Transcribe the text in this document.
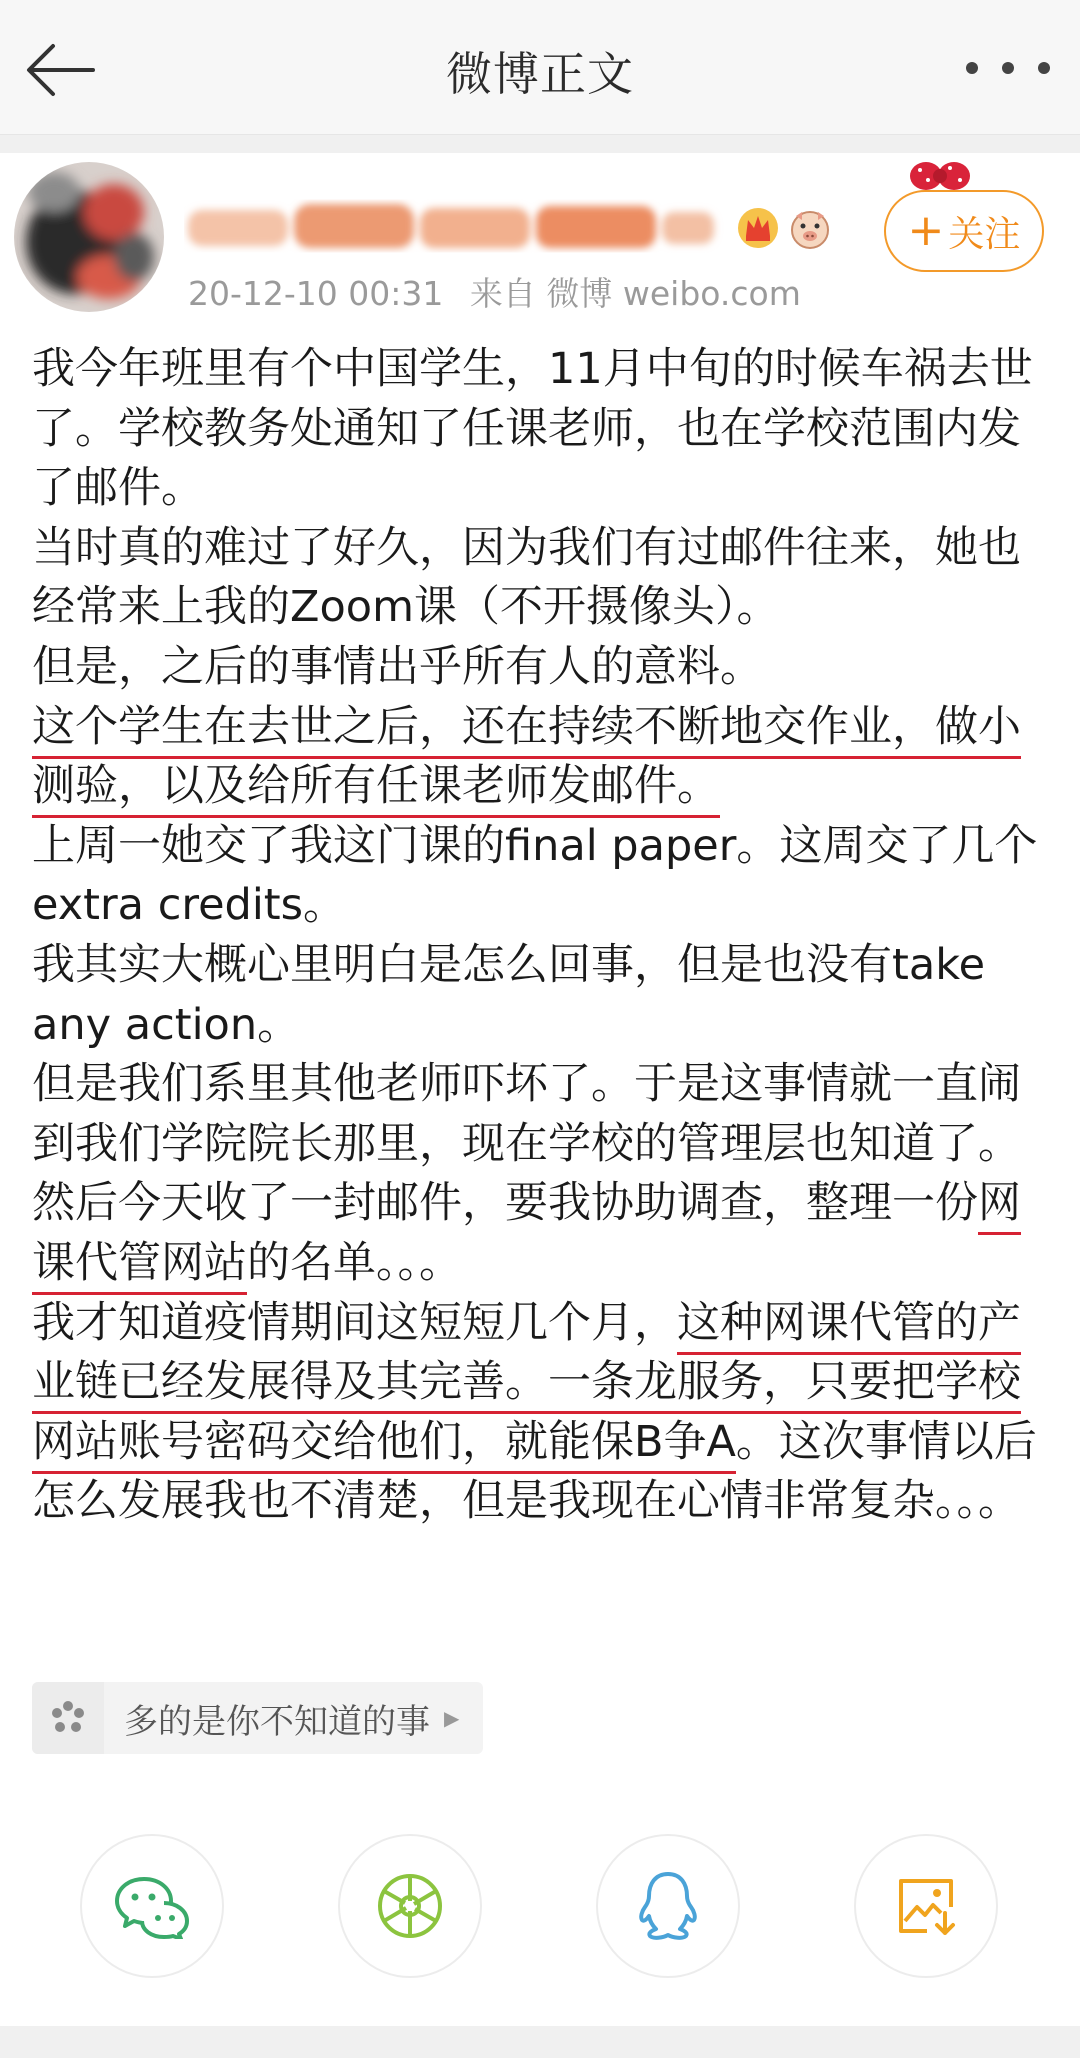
微博正文
+ 关注
20-12-10 00:31 来自 微博 weibo.com

我今年班里有个中国学生，11月中旬的时候车祸去世了。学校教务处通知了任课老师，也在学校范围内发了邮件。

当时真的难过了好久，因为我们有过邮件往来，她也经常来上我的Zoom课（不开摄像头）。

但是，之后的事情出乎所有人的意料。

这个学生在去世之后，还在持续不断地交作业，做小测验，以及给所有任课老师发邮件。

上周一她交了我这门课的final paper。这周交了几个extra credits。

我其实大概心里明白是怎么回事，但是也没有take any action。

但是我们系里其他老师吓坏了。于是这事情就一直闹到我们学院院长那里，现在学校的管理层也知道了。

然后今天收了一封邮件，要我协助调查，整理一份网课代管网站的名单。。。

我才知道疫情期间这短短几个月，这种网课代管的产业链已经发展得及其完善。一条龙服务，只要把学校网站账号密码交给他们，就能保B争A。这次事情以后怎么发展我也不清楚，但是我现在心情非常复杂。。。

多的是你不知道的事 ▶
